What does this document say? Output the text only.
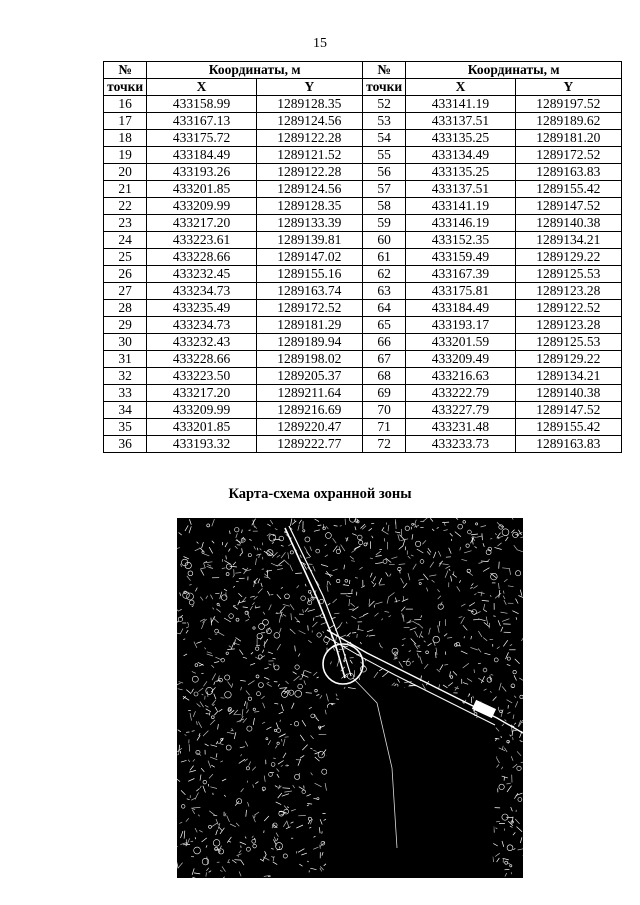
15
№	Координаты, м		№	Координаты, м	
точки	X	Y	точки	X	Y
16	433158.99	1289128.35	52	433141.19	1289197.52
17	433167.13	1289124.56	53	433137.51	1289189.62
18	433175.72	1289122.28	54	433135.25	1289181.20
19	433184.49	1289121.52	55	433134.49	1289172.52
20	433193.26	1289122.28	56	433135.25	1289163.83
21	433201.85	1289124.56	57	433137.51	1289155.42
22	433209.99	1289128.35	58	433141.19	1289147.52
23	433217.20	1289133.39	59	433146.19	1289140.38
24	433223.61	1289139.81	60	433152.35	1289134.21
25	433228.66	1289147.02	61	433159.49	1289129.22
26	433232.45	1289155.16	62	433167.39	1289125.53
27	433234.73	1289163.74	63	433175.81	1289123.28
28	433235.49	1289172.52	64	433184.49	1289122.52
29	433234.73	1289181.29	65	433193.17	1289123.28
30	433232.43	1289189.94	66	433201.59	1289125.53
31	433228.66	1289198.02	67	433209.49	1289129.22
32	433223.50	1289205.37	68	433216.63	1289134.21
33	433217.20	1289211.64	69	433222.79	1289140.38
34	433209.99	1289216.69	70	433227.79	1289147.52
35	433201.85	1289220.47	71	433231.48	1289155.42
36	433193.32	1289222.77	72	433233.73	1289163.83
Карта-схема охранной зоны
